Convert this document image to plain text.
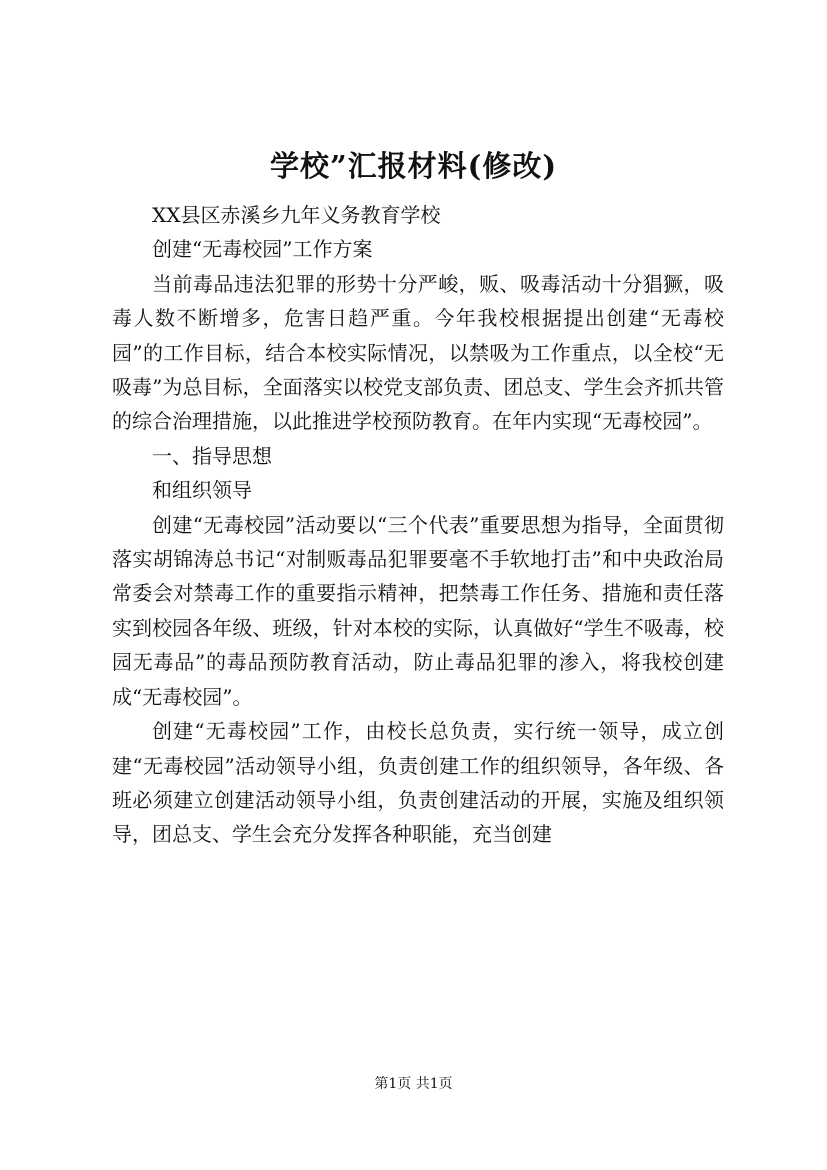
学校”汇报材料(修改)

XX县区赤溪乡九年义务教育学校

创建“无毒校园”工作方案

当前毒品违法犯罪的形势十分严峻，贩、吸毒活动十分猖獗，吸毒人数不断增多，危害日趋严重。今年我校根据提出创建“无毒校园”的工作目标，结合本校实际情况，以禁吸为工作重点，以全校“无吸毒”为总目标，全面落实以校党支部负责、团总支、学生会齐抓共管的综合治理措施，以此推进学校预防教育。在年内实现“无毒校园”。

一、指导思想

和组织领导

创建“无毒校园”活动要以“三个代表”重要思想为指导，全面贯彻落实胡锦涛总书记“对制贩毒品犯罪要毫不手软地打击”和中央政治局常委会对禁毒工作的重要指示精神，把禁毒工作任务、措施和责任落实到校园各年级、班级，针对本校的实际，认真做好“学生不吸毒，校园无毒品”的毒品预防教育活动，防止毒品犯罪的渗入，将我校创建成“无毒校园”。

创建“无毒校园”工作，由校长总负责，实行统一领导，成立创建“无毒校园”活动领导小组，负责创建工作的组织领导，各年级、各班必须建立创建活动领导小组，负责创建活动的开展，实施及组织领导，团总支、学生会充分发挥各种职能，充当创建

第1页 共1页
